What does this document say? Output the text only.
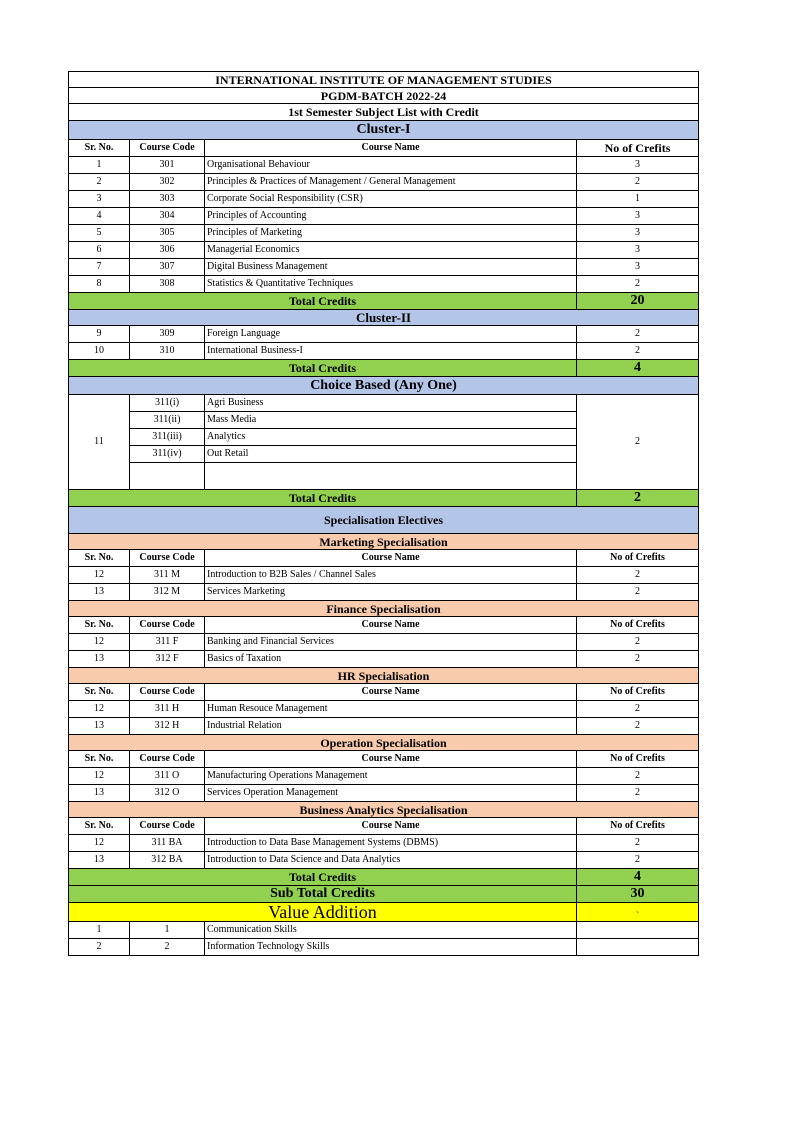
INTERNATIONAL INSTITUTE OF MANAGEMENT STUDIES			
PGDM-BATCH 2022-24			
1st Semester Subject List with Credit			
Cluster-I			
Sr. No.	Course Code	Course Name	No of Crefits
1	301	Organisational Behaviour	3
2	302	Principles & Practices of Management / General Management	2
3	303	Corporate Social Responsibility (CSR)	1
4	304	Principles of Accounting	3
5	305	Principles of Marketing	3
6	306	Managerial Economics	3
7	307	Digital Business Management	3
8	308	Statistics & Quantitative Techniques	2
Total Credits			20
Cluster-II			
9	309	Foreign Language	2
10	310	International Business-I	2
Total Credits			4
Choice Based (Any One)			
11	311(i)	Agri Business	2
	311(ii)	Mass Media	
	311(iii)	Analytics	
	311(iv)	Out Retail	

Total Credits			2
Specialisation Electives			
Marketing Specialisation			
Sr. No.	Course Code	Course Name	No of Crefits
12	311 M	Introduction to B2B Sales / Channel Sales	2
13	312 M	Services Marketing	2
Finance Specialisation			
Sr. No.	Course Code	Course Name	No of Crefits
12	311 F	Banking and Financial Services	2
13	312 F	Basics of Taxation	2
HR Specialisation			
Sr. No.	Course Code	Course Name	No of Crefits
12	311 H	Human Resouce Management	2
13	312 H	Industrial Relation	2
Operation Specialisation			
Sr. No.	Course Code	Course Name	No of Crefits
12	311 O	Manufacturing Operations Management	2
13	312 O	Services Operation Management	2
Business Analytics Specialisation			
Sr. No.	Course Code	Course Name	No of Crefits
12	311 BA	Introduction to Data Base Management Systems (DBMS)	2
13	312 BA	Introduction to Data Science and Data Analytics	2
Total Credits			4
Sub Total Credits			30
Value Addition			`
1	1	Communication Skills	
2	2	Information Technology Skills	
